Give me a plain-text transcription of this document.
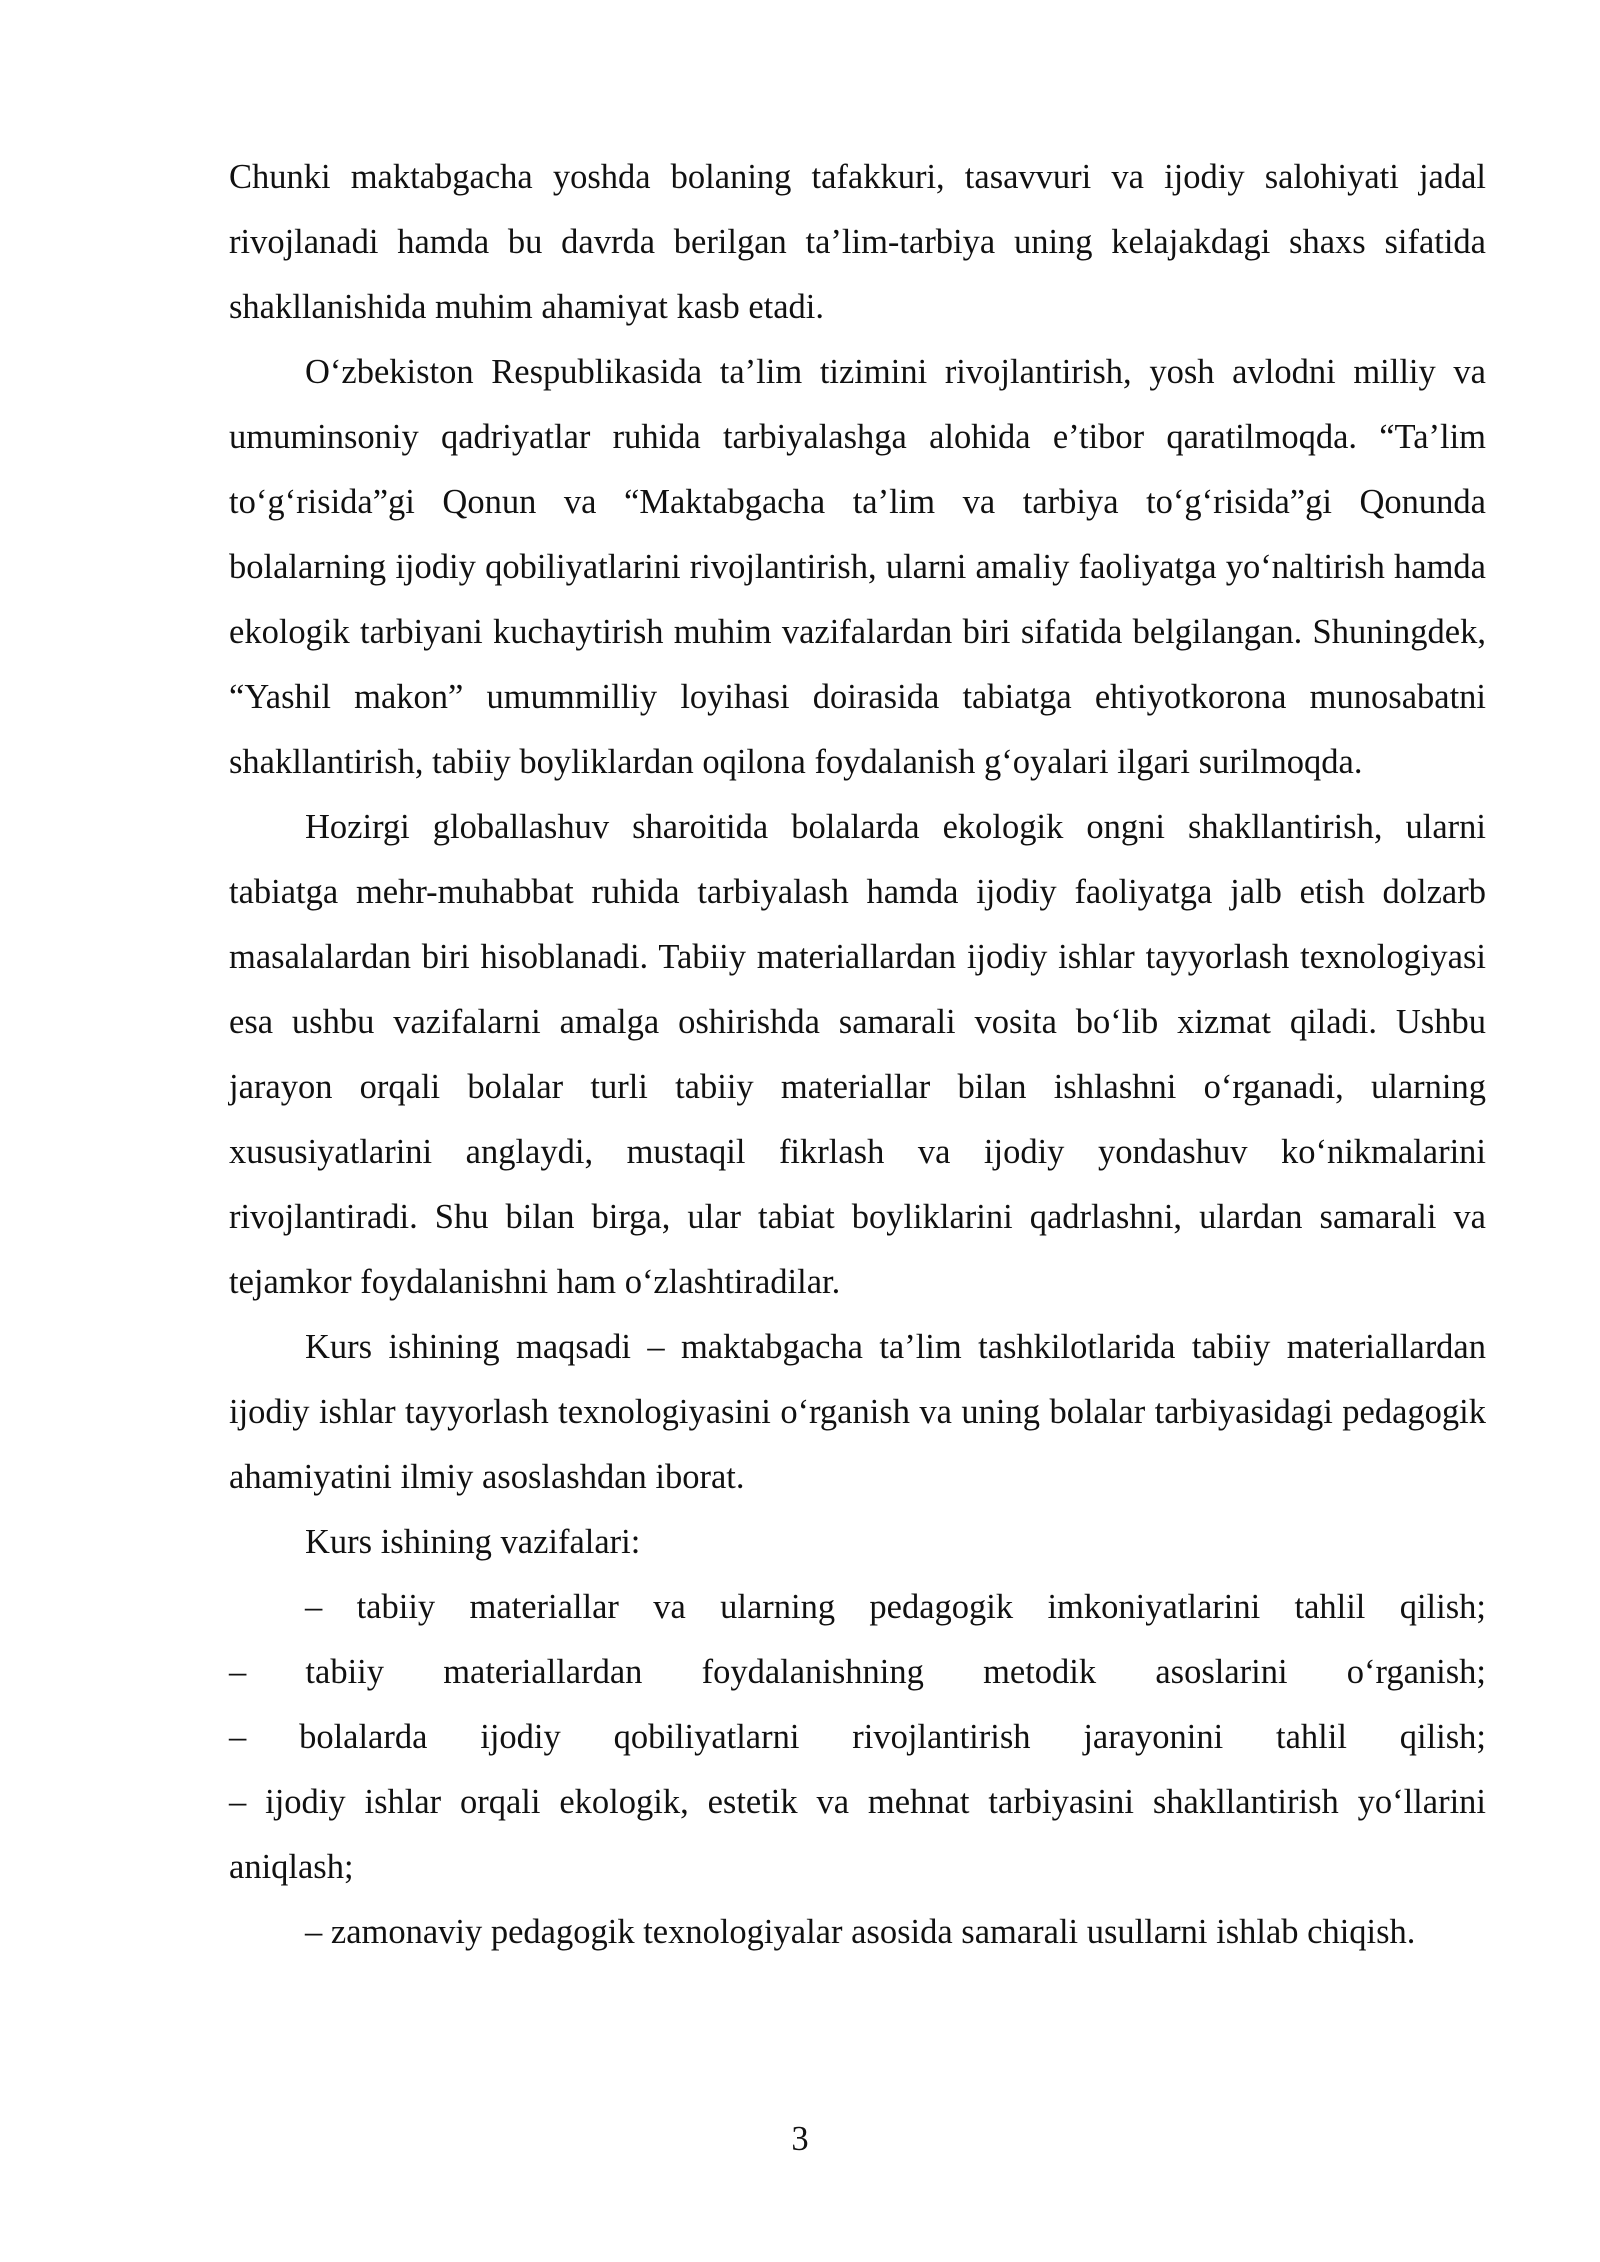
Chunki maktabgacha yoshda bolaning tafakkuri, tasavvuri va ijodiy salohiyati jadal rivojlanadi hamda bu davrda berilgan ta’lim-tarbiya uning kelajakdagi shaxs sifatida shakllanishida muhim ahamiyat kasb etadi.

O‘zbekiston Respublikasida ta’lim tizimini rivojlantirish, yosh avlodni milliy va umuminsoniy qadriyatlar ruhida tarbiyalashga alohida e’tibor qaratilmoqda. “Ta’lim to‘g‘risida”gi Qonun va “Maktabgacha ta’lim va tarbiya to‘g‘risida”gi Qonunda bolalarning ijodiy qobiliyatlarini rivojlantirish, ularni amaliy faoliyatga yo‘naltirish hamda ekologik tarbiyani kuchaytirish muhim vazifalardan biri sifatida belgilangan. Shuningdek, “Yashil makon” umummilliy loyihasi doirasida tabiatga ehtiyotkorona munosabatni shakllantirish, tabiiy boyliklardan oqilona foydalanish g‘oyalari ilgari surilmoqda.

Hozirgi globallashuv sharoitida bolalarda ekologik ongni shakllantirish, ularni tabiatga mehr-muhabbat ruhida tarbiyalash hamda ijodiy faoliyatga jalb etish dolzarb masalalardan biri hisoblanadi. Tabiiy materiallardan ijodiy ishlar tayyorlash texnologiyasi esa ushbu vazifalarni amalga oshirishda samarali vosita bo‘lib xizmat qiladi. Ushbu jarayon orqali bolalar turli tabiiy materiallar bilan ishlashni o‘rganadi, ularning xususiyatlarini anglaydi, mustaqil fikrlash va ijodiy yondashuv ko‘nikmalarini rivojlantiradi. Shu bilan birga, ular tabiat boyliklarini qadrlashni, ulardan samarali va tejamkor foydalanishni ham o‘zlashtiradilar.

Kurs ishining maqsadi – maktabgacha ta’lim tashkilotlarida tabiiy materiallardan ijodiy ishlar tayyorlash texnologiyasini o‘rganish va uning bolalar tarbiyasidagi pedagogik ahamiyatini ilmiy asoslashdan iborat.

Kurs ishining vazifalari:

– tabiiy materiallar va ularning pedagogik imkoniyatlarini tahlil qilish;

– tabiiy materiallardan foydalanishning metodik asoslarini o‘rganish;

– bolalarda ijodiy qobiliyatlarni rivojlantirish jarayonini tahlil qilish;

– ijodiy ishlar orqali ekologik, estetik va mehnat tarbiyasini shakllantirish yo‘llarini aniqlash;

– zamonaviy pedagogik texnologiyalar asosida samarali usullarni ishlab chiqish.

3
